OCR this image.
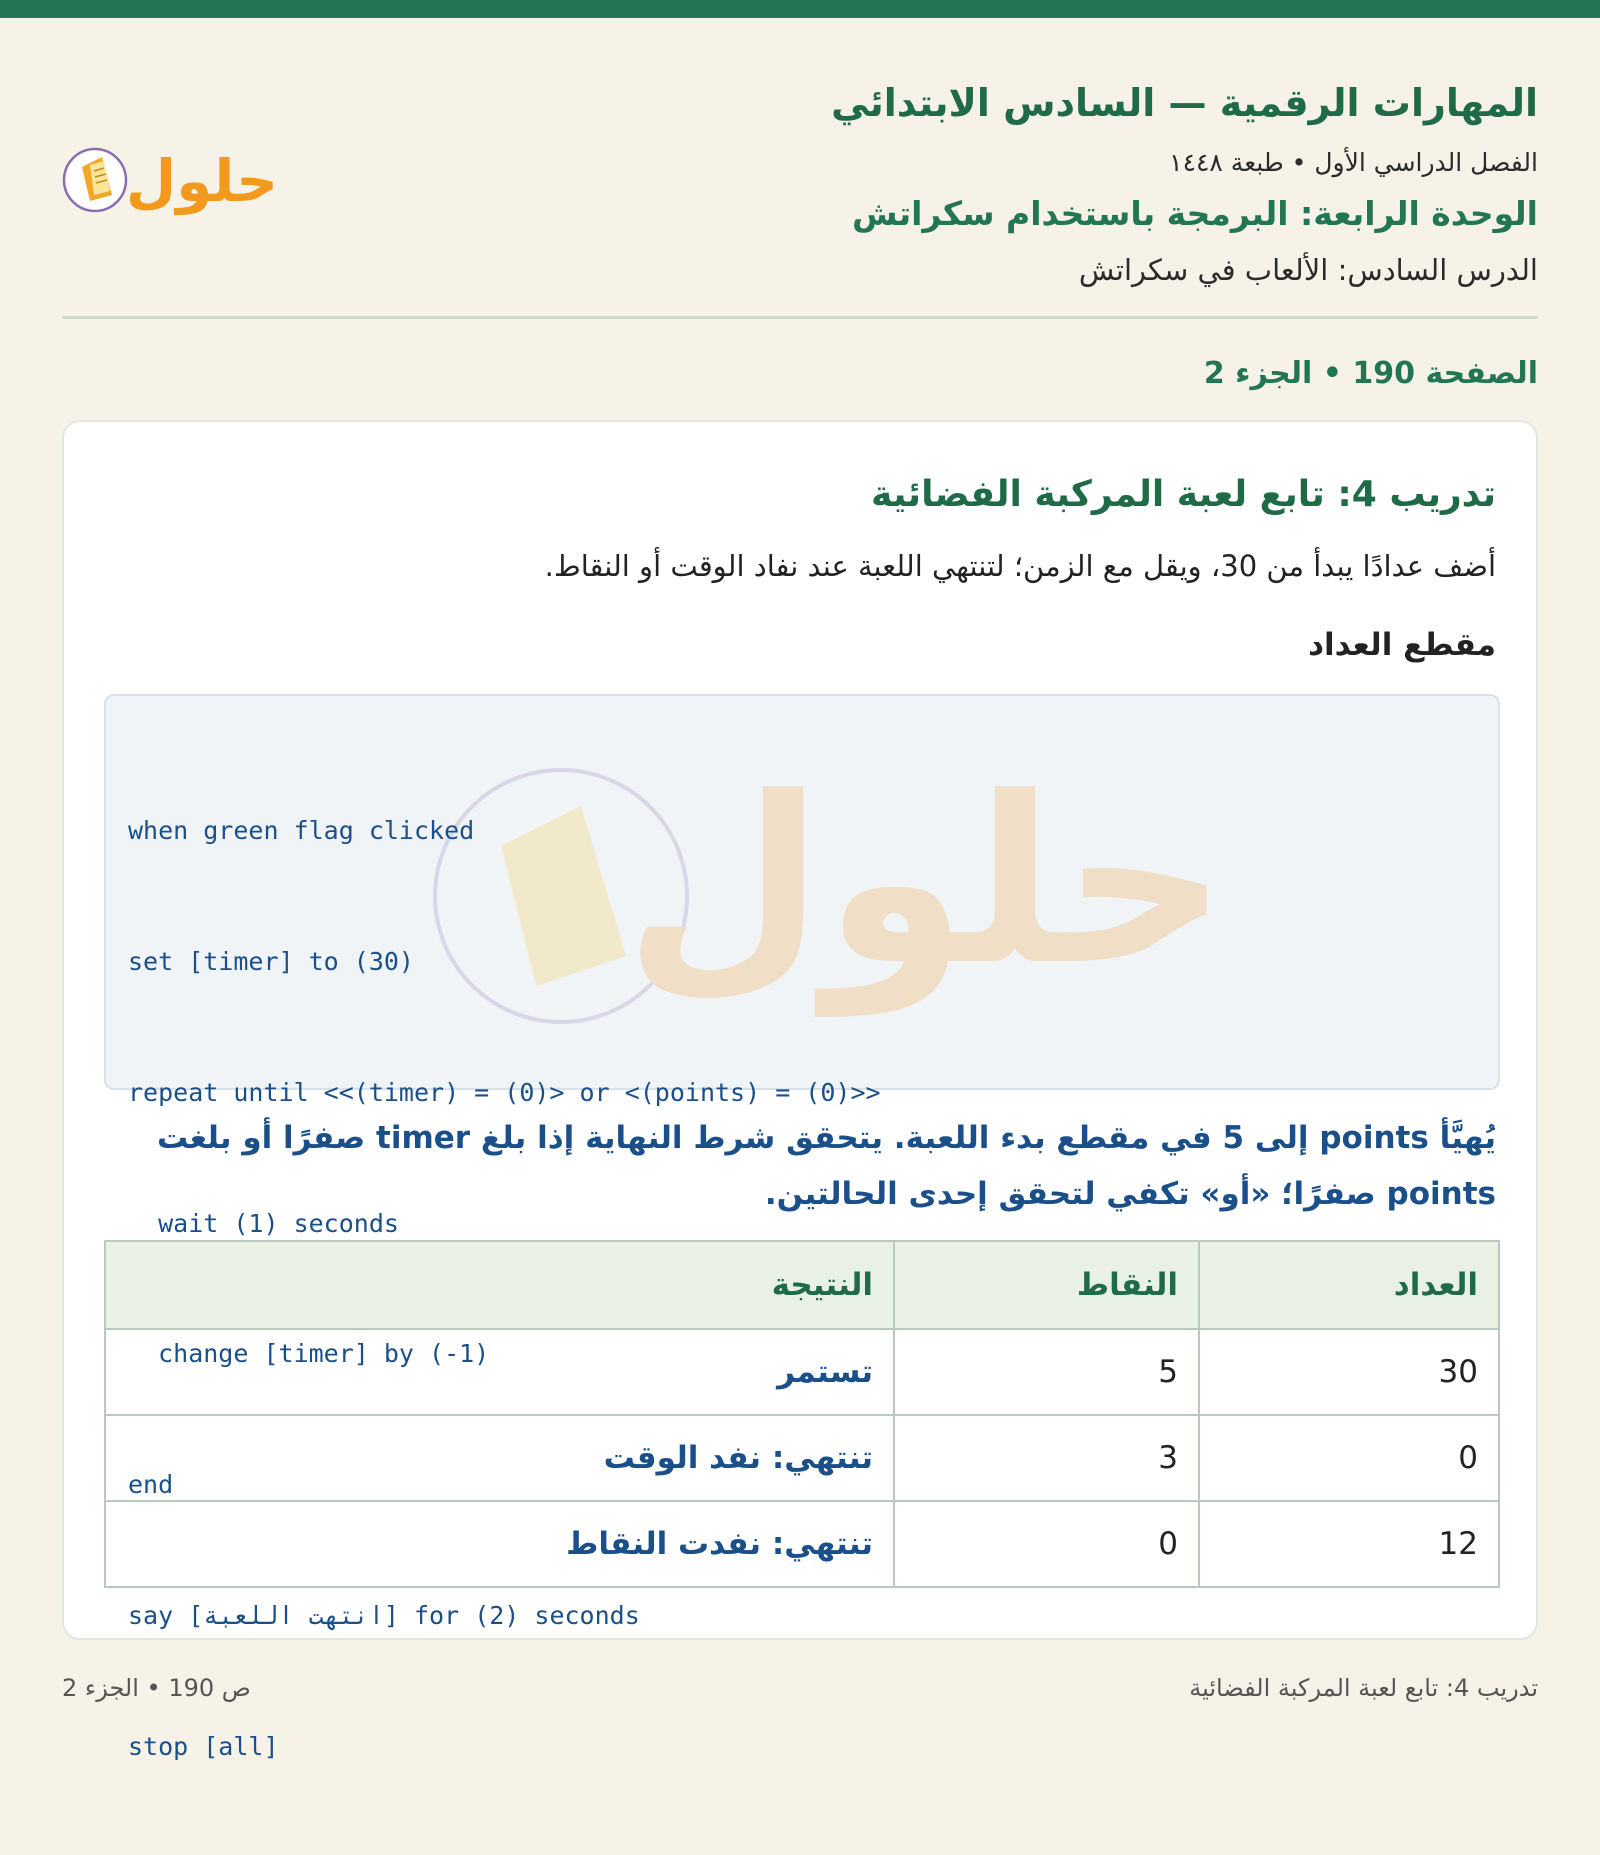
المهارات الرقمية — السادس الابتدائي
الفصل الدراسي الأول • طبعة ١٤٤٨
الوحدة الرابعة: البرمجة باستخدام سكراتش
الدرس السادس: الألعاب في سكراتش
حلول
الصفحة 190 • الجزء 2
تدريب 4: تابع لعبة المركبة الفضائية
أضف عدادًا يبدأ من 30، ويقل مع الزمن؛ لتنتهي اللعبة عند نفاد الوقت أو النقاط.
مقطع العداد
حلول

when green flag clicked

set [timer] to (30)

repeat until <<(timer) = (0)> or <(points) = (0)>>

wait (1) seconds

change [timer] by (-1)

end

say [انتهت اللعبة] for (2) seconds

stop [all]

يُهيَّأ points إلى 5 في مقطع بدء اللعبة. يتحقق شرط النهاية إذا بلغ timer صفرًا أو بلغت points صفرًا؛ «أو» تكفي لتحقق إحدى الحالتين.
العداد	النقاط	النتيجة
30	5	تستمر
0	3	تنتهي: نفد الوقت
12	0	تنتهي: نفدت النقاط
تدريب 4: تابع لعبة المركبة الفضائية
ص 190 • الجزء 2
